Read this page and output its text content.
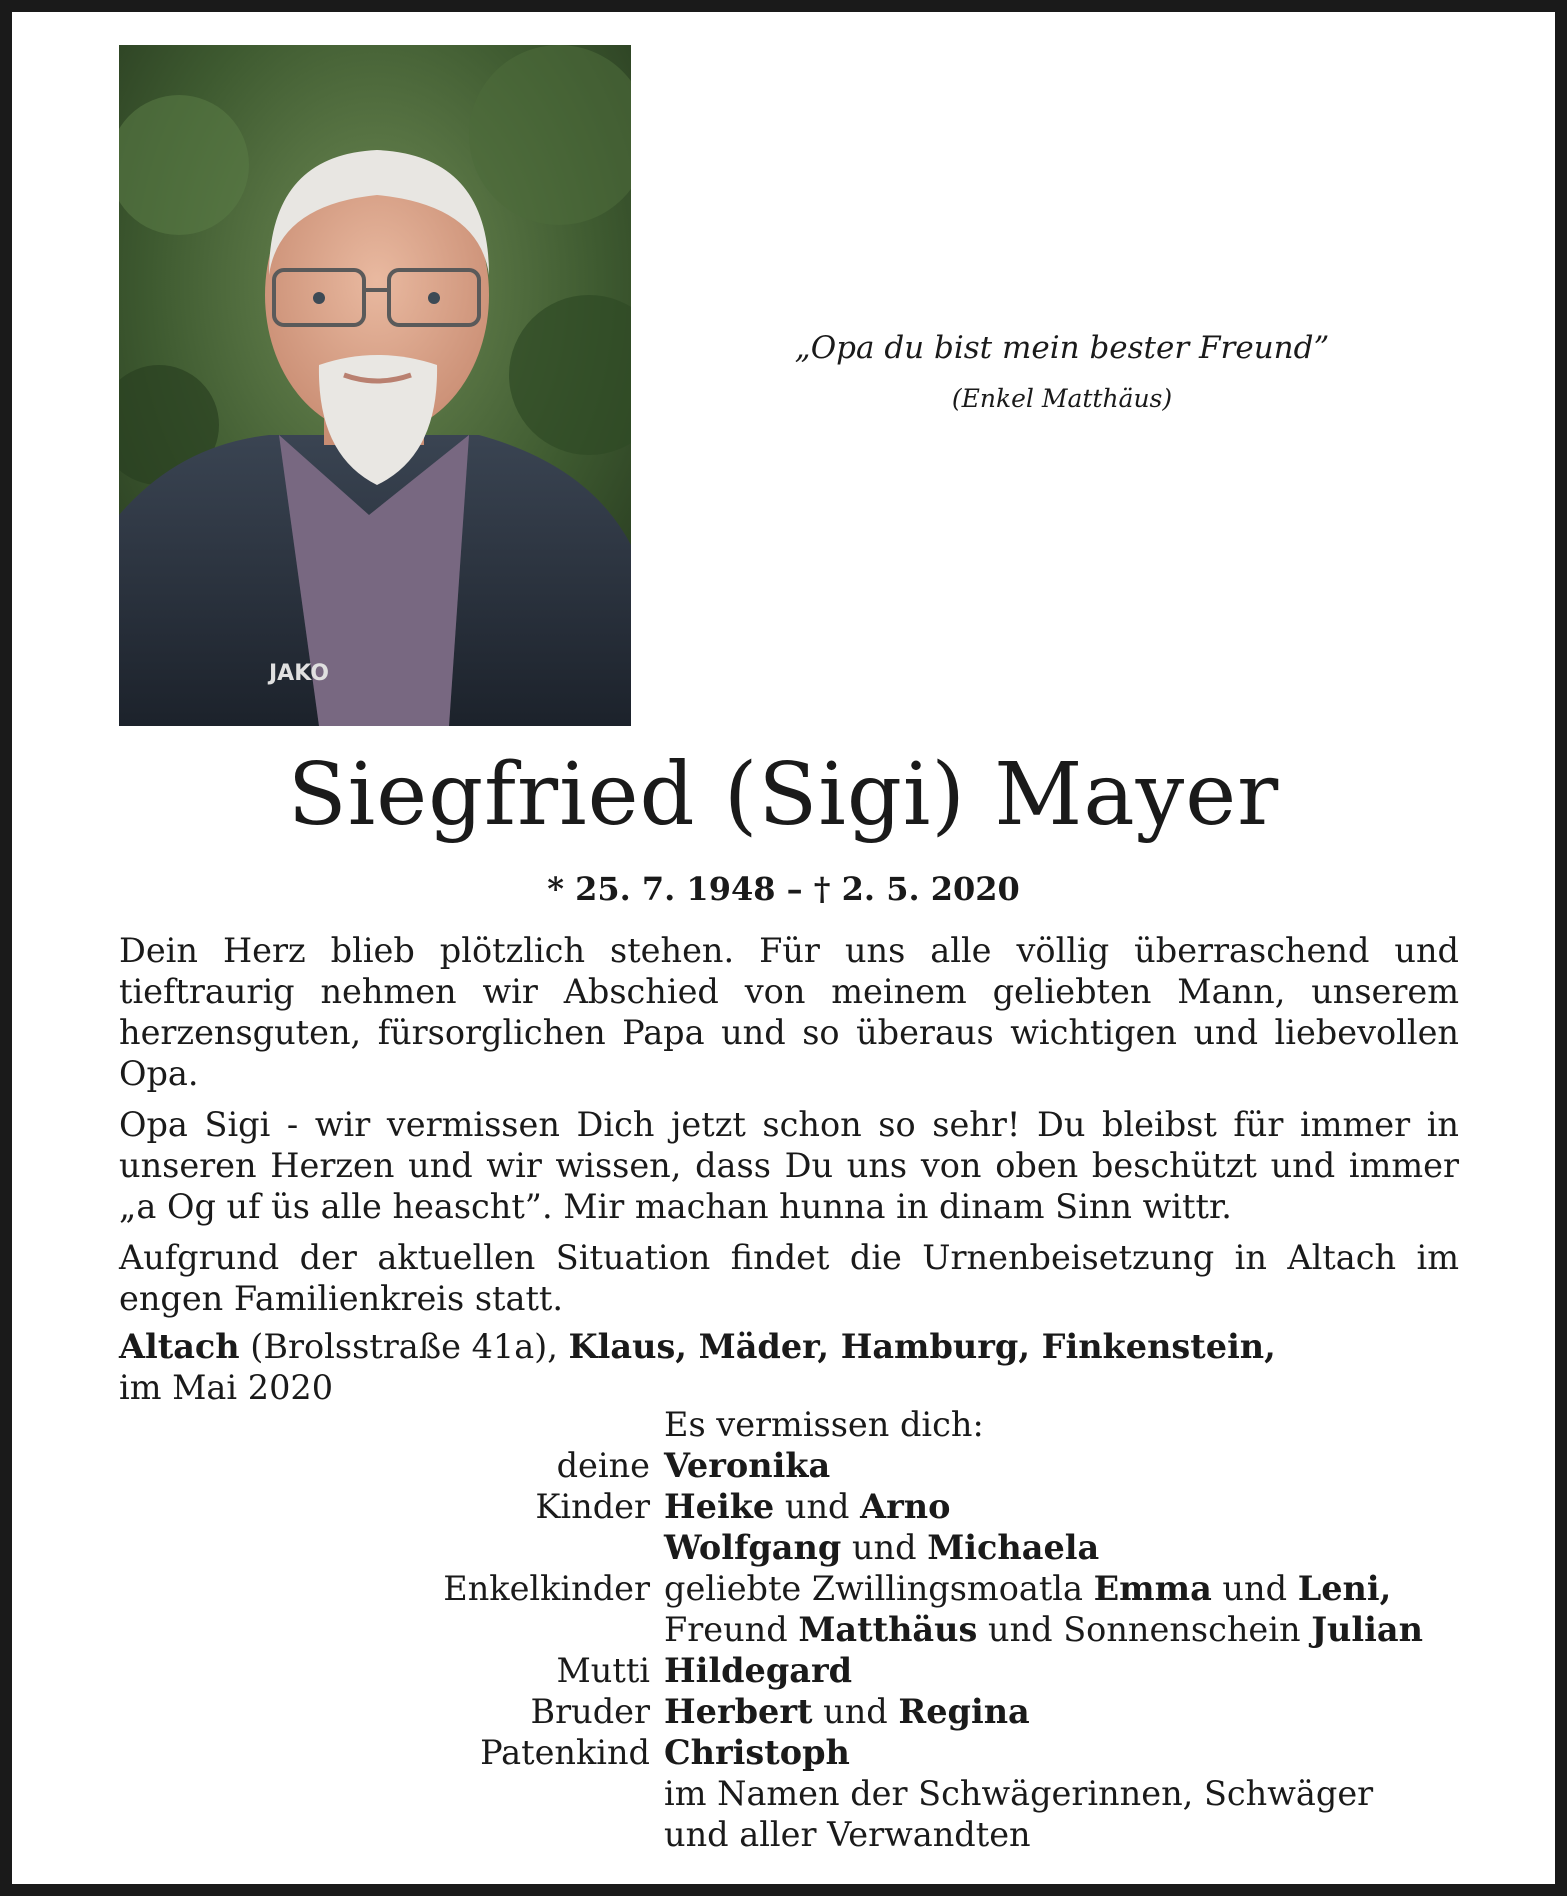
JAKO
„Opa du bist mein bester Freund”
(Enkel Matthäus)
Siegfried (Sigi) Mayer
* 25. 7. 1948 – † 2. 5. 2020

Dein Herz blieb plötzlich stehen. Für uns alle völlig überraschend und tieftraurig nehmen wir Abschied von meinem geliebten Mann, unserem herzensguten, fürsorglichen Papa und so überaus wichtigen und liebevollen Opa.

Opa Sigi - wir vermissen Dich jetzt schon so sehr! Du bleibst für immer in unseren Herzen und wir wissen, dass Du uns von oben beschützt und immer „a Og uf üs alle heascht”. Mir machan hunna in dinam Sinn wittr.

Aufgrund der aktuellen Situation findet die Urnenbeisetzung in Altach im engen Familienkreis statt.

Altach (Brolsstraße 41a), Klaus, Mäder, Hamburg, Finkenstein,
im Mai 2020
Es vermissen dich:
deine Veronika
Kinder Heike und Arno
Wolfgang und Michaela
Enkelkinder geliebte Zwillingsmoatla Emma und Leni,
Freund Matthäus und Sonnenschein Julian
Mutti Hildegard
Bruder Herbert und Regina
Patenkind Christoph
im Namen der Schwägerinnen, Schwäger
und aller Verwandten
